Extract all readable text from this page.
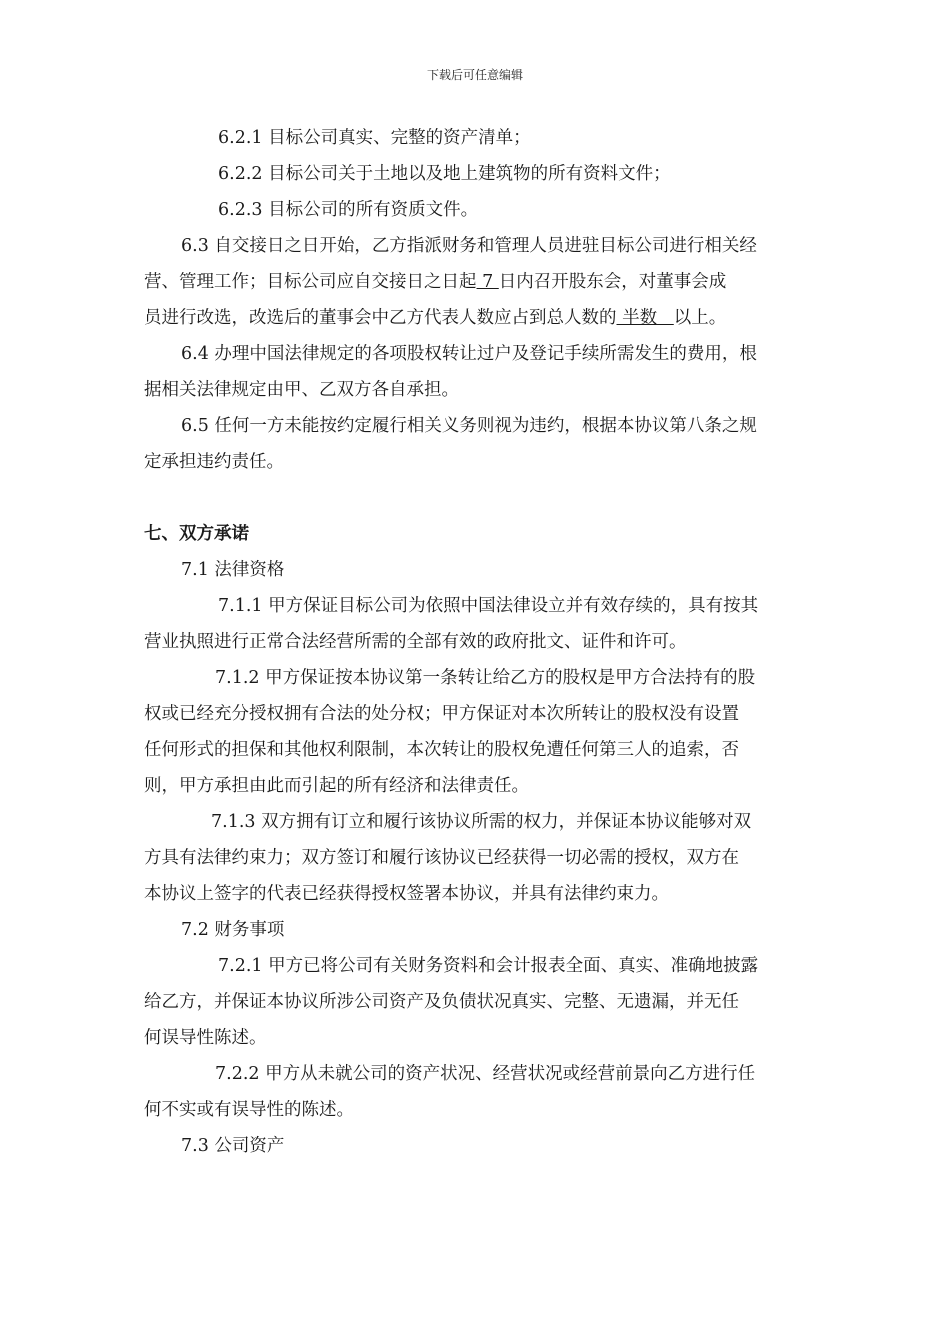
下载后可任意编辑
6.2.1 目标公司真实、完整的资产清单；
6.2.2 目标公司关于土地以及地上建筑物的所有资料文件；
6.2.3 目标公司的所有资质文件。
6.3 自交接日之日开始，乙方指派财务和管理人员进驻目标公司进行相关经
营、管理工作；目标公司应自交接日之日起 7 日内召开股东会，对董事会成
员进行改选，改选后的董事会中乙方代表人数应占到总人数的 半数   以上。
6.4 办理中国法律规定的各项股权转让过户及登记手续所需发生的费用，根
据相关法律规定由甲、乙双方各自承担。
6.5 任何一方未能按约定履行相关义务则视为违约，根据本协议第八条之规
定承担违约责任。
七、双方承诺
7.1 法律资格
7.1.1 甲方保证目标公司为依照中国法律设立并有效存续的，具有按其
营业执照进行正常合法经营所需的全部有效的政府批文、证件和许可。
7.1.2 甲方保证按本协议第一条转让给乙方的股权是甲方合法持有的股
权或已经充分授权拥有合法的处分权；甲方保证对本次所转让的股权没有设置
任何形式的担保和其他权利限制，本次转让的股权免遭任何第三人的追索，否
则，甲方承担由此而引起的所有经济和法律责任。
7.1.3 双方拥有订立和履行该协议所需的权力，并保证本协议能够对双
方具有法律约束力；双方签订和履行该协议已经获得一切必需的授权，双方在
本协议上签字的代表已经获得授权签署本协议，并具有法律约束力。
7.2 财务事项
7.2.1 甲方已将公司有关财务资料和会计报表全面、真实、准确地披露
给乙方，并保证本协议所涉公司资产及负债状况真实、完整、无遗漏，并无任
何误导性陈述。
7.2.2 甲方从未就公司的资产状况、经营状况或经营前景向乙方进行任
何不实或有误导性的陈述。
7.3 公司资产
